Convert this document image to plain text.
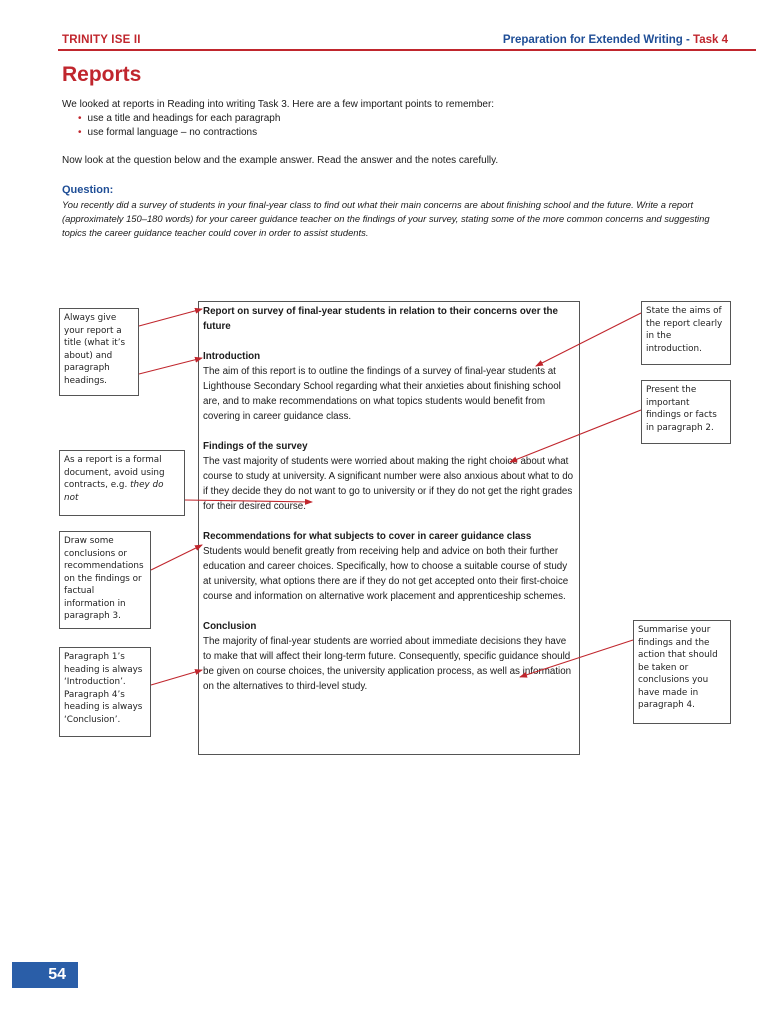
TRINITY ISE II	Preparation for Extended Writing - Task 4
Reports
We looked at reports in Reading into writing Task 3. Here are a few important points to remember:
• use a title and headings for each paragraph
• use formal language – no contractions
Now look at the question below and the example answer. Read the answer and the notes carefully.
Question:
You recently did a survey of students in your final-year class to find out what their main concerns are about finishing school and the future. Write a report (approximately 150–180 words) for your career guidance teacher on the findings of your survey, stating some of the more common concerns and suggesting topics the career guidance teacher could cover in order to assist students.

Report on survey of final-year students in relation to their concerns over the future

Introduction

The aim of this report is to outline the findings of a survey of final-year students at Lighthouse Secondary School regarding what their anxieties about finishing school are, and to make recommendations on what topics students would benefit from covering in career guidance class.

Findings of the survey

The vast majority of students were worried about making the right choice about what course to study at university. A significant number were also anxious about what to do if they decide they do not want to go to university or if they do not get the right grades for their desired course.

Recommendations for what subjects to cover in career guidance class

Students would benefit greatly from receiving help and advice on both their further education and career choices. Specifically, how to choose a suitable course of study at university, what options there are if they do not get accepted onto their first-choice course and information on alternative work placement and apprenticeship schemes.

Conclusion

The majority of final-year students are worried about immediate decisions they have to make that will affect their long-term future. Consequently, specific guidance should be given on course choices, the university application process, as well as information on the alternatives to third-level study.

Always give your report a title (what it’s about) and paragraph headings.
As a report is a formal document, avoid using contracts, e.g. they do not
Draw some conclusions or recommendations on the findings or factual information in paragraph 3.
Paragraph 1’s heading is always ‘Introduction’. Paragraph 4’s heading is always ‘Conclusion’.
State the aims of the report clearly in the introduction.
Present the important findings or facts in paragraph 2.
Summarise your findings and the action that should be taken or conclusions you have made in paragraph 4.
54
